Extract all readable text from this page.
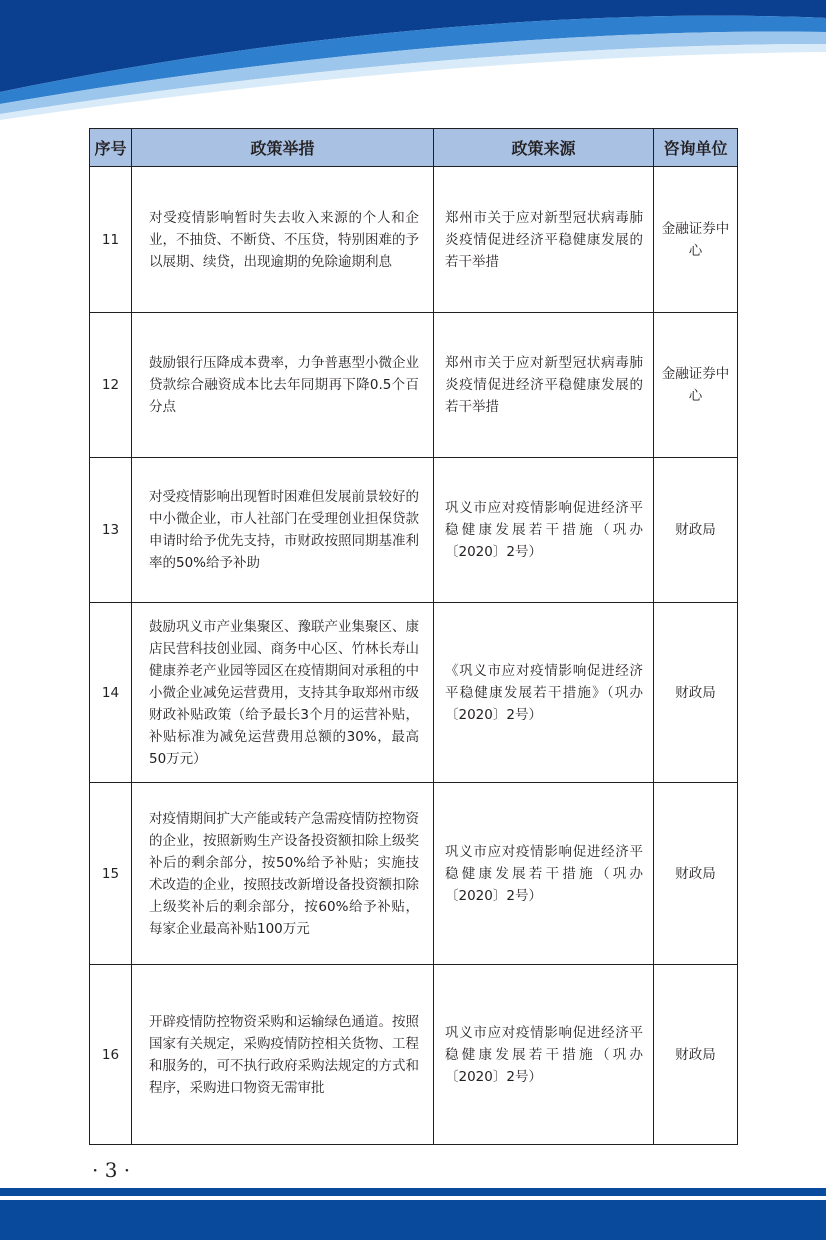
序号	政策举措	政策来源	咨询单位
11	对受疫情影响暂时失去收入来源的个人和企业，不抽贷、不断贷、不压贷，特别困难的予以展期、续贷，出现逾期的免除逾期利息	郑州市关于应对新型冠状病毒肺炎疫情促进经济平稳健康发展的若干举措	金融证券中心
12	鼓励银行压降成本费率，力争普惠型小微企业贷款综合融资成本比去年同期再下降0.5个百分点	郑州市关于应对新型冠状病毒肺炎疫情促进经济平稳健康发展的若干举措	金融证券中心
13	对受疫情影响出现暂时困难但发展前景较好的中小微企业，市人社部门在受理创业担保贷款申请时给予优先支持，市财政按照同期基准利率的50%给予补助	巩义市应对疫情影响促进经济平稳健康发展若干措施（巩办〔2020〕2号）	财政局
14	鼓励巩义市产业集聚区、豫联产业集聚区、康店民营科技创业园、商务中心区、竹林长寿山健康养老产业园等园区在疫情期间对承租的中小微企业减免运营费用，支持其争取郑州市级财政补贴政策（给予最长3个月的运营补贴，补贴标准为减免运营费用总额的30%，最高50万元）	《巩义市应对疫情影响促进经济平稳健康发展若干措施》（巩办〔2020〕2号）	财政局
15	对疫情期间扩大产能或转产急需疫情防控物资的企业，按照新购生产设备投资额扣除上级奖补后的剩余部分，按50%给予补贴；实施技术改造的企业，按照技改新增设备投资额扣除上级奖补后的剩余部分，按60%给予补贴，每家企业最高补贴100万元	巩义市应对疫情影响促进经济平稳健康发展若干措施（巩办〔2020〕2号）	财政局
16	开辟疫情防控物资采购和运输绿色通道。按照国家有关规定，采购疫情防控相关货物、工程和服务的，可不执行政府采购法规定的方式和程序，采购进口物资无需审批	巩义市应对疫情影响促进经济平稳健康发展若干措施（巩办〔2020〕2号）	财政局
· 3 ·
